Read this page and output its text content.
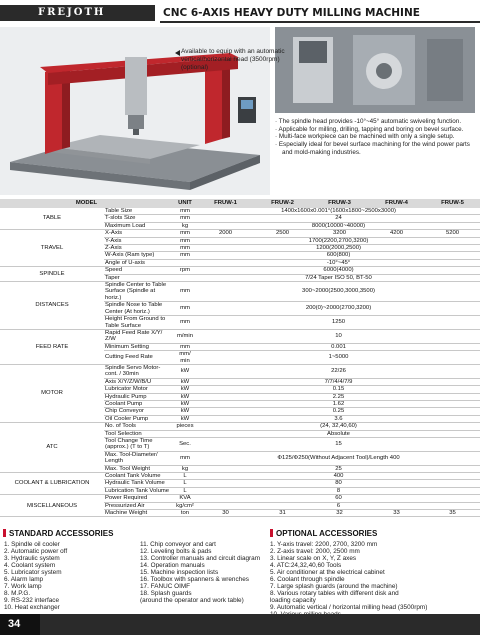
FREJOTH	CNC 6-AXIS HEAVY DUTY MILLING MACHINE
Available to equip with an automatic vertical/horizontal head (3500rpm) (optional)
· The spindle head provides -10°~45° automatic swiveling function.
· Applicable for milling, drilling, tapping and boring on bevel surface.
· Multi-face workpiece can be machined with only a single setup.
· Especially ideal for bevel surface machining for the wind power parts and mold-making industries.
MODEL		UNIT	FRUW-1	FRUW-2	FRUW-3	FRUW-4	FRUW-5
TABLE	Table Size	mm	1400x1600x0.001°(1600x1800~2500x3000)				
	T-slots Size	mm	24				
	Maximum Load	kg	8000(10000~40000)				
TRAVEL	X-Axis	mm	2000	2500	3200	4200	5200
	Y-Axis	mm	1700(2200,2700,3200)				
	Z-Axis	mm	1200(2000,2500)				
	W-Axis (Ram type)	mm	600(800)				
	Angle of U-axis		-10°~45°				
SPINDLE	Speed	rpm	6000(4000)				
	Taper		7/24 Taper ISO 50, BT-50				
DISTANCES	Spindle Center to Table Surface (Spindle at horiz.)	mm	300~2000(2500,3000,3500)				
	Spindle Nose to Table Center (At horiz.)	mm	200(0)~2000(2700,3200)				
	Height From Ground to Table Surface	mm	1250				
FEED RATE	Rapid Feed Rate X/Y/ Z/W	m/min	10				
	Minimum Setting	mm	0.001				
	Cutting Feed Rate	mm/ min	1~5000				
MOTOR	Spindle Servo Motor- cont. / 30min	kW	22/26				
	Axis X/Y/Z/W/B/U	kW	7/7/4/4/7/9				
	Lubricator Motor	kW	0.15				
	Hydraulic Pump	kW	2.25				
	Coolant Pump	kW	1.62				
	Chip Conveyor	kW	0.25				
	Oil Cooler Pump	kW	3.6				
ATC	No. of Tools	pieces	(24, 32,40,60)				
	Tool Selection		Absolute				
	Tool Change Time (approx.) (T to T)	Sec.	15				
	Max. Tool-Diameter/ Length	mm	Φ125/Φ250(Without Adjacent Tool)/Length 400				
	Max. Tool Weight	kg	25				
COOLANT & LUBRICATION	Coolant Tank Volume	L	400				
	Hydraulic Tank Volume	L	80				
	Lubrication Tank Volume	L	8				
MISCELLANEOUS	Power Required	KVA	60				
	Pressurized Air	kg/cm²	6				
	Machine Weight	ton	30	31	32	33	35
STANDARD ACCESSORIES
1. Spindle oil cooler
2. Automatic power off
3. Hydraulic system
4. Coolant system
5. Lubricator system
6. Alarm lamp
7. Work lamp
8. M.P.G.
9. RS-232 interface
10. Heat exchanger
11. Chip conveyor and cart
12. Leveling bolts & pads
13. Controller manuals and circuit diagram
14. Operation manuals
15. Machine inspection lists
16. Toolbox with spanners & wrenches
17. FANUC OIMF
18. Splash guards
(around the operator and work table)
OPTIONAL ACCESSORIES
1. Y-axis travel: 2200, 2700, 3200 mm
2. Z-axis travel: 2000, 2500 mm
3. Linear scale on X, Y, Z axes
4. ATC:24,32,40,60 Tools
5. Air conditioner at the electrical cabinet
6. Coolant through spindle
7. Large splash guards (around the machine)
8. Various rotary tables with different disk and
loading capacity
9. Automatic vertical / horizontal milling head (3500rpm)
34
